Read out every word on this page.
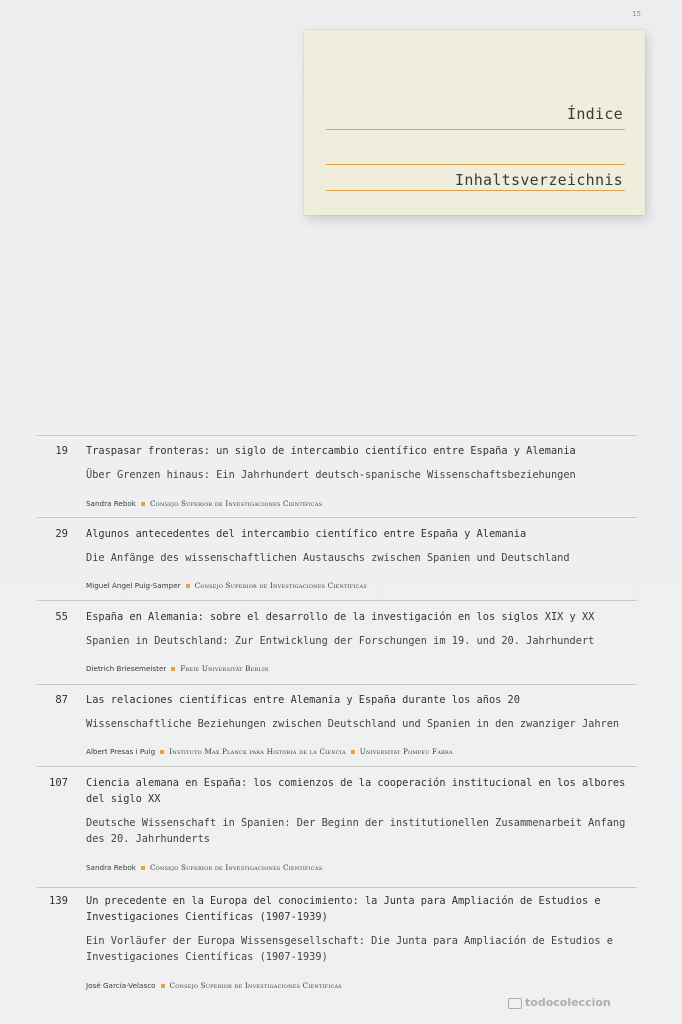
15
Índice
Inhaltsverzeichnis
19 Traspasar fronteras: un siglo de intercambio científico entre España y Alemania
Über Grenzen hinaus: Ein Jahrhundert deutsch-spanische Wissenschaftsbeziehungen
Sandra Rebok Consejo Superior de Investigaciones Científicas
29 Algunos antecedentes del intercambio científico entre España y Alemania
Die Anfänge des wissenschaftlichen Austauschs zwischen Spanien und Deutschland
Miguel Ángel Puig-Samper Consejo Superior de Investigaciones Científicas
55 España en Alemania: sobre el desarrollo de la investigación en los siglos XIX y XX
Spanien in Deutschland: Zur Entwicklung der Forschungen im 19. und 20. Jahrhundert
Dietrich Briesemeister Freie Universität Berlin
87 Las relaciones científicas entre Alemania y España durante los años 20
Wissenschaftliche Beziehungen zwischen Deutschland und Spanien in den zwanziger Jahren
Albert Presas i Puig Instituto Max Planck para Historia de la Ciencia Universitat Pompeu Fabra
107 Ciencia alemana en España: los comienzos de la cooperación institucional en los albores
del siglo XX
Deutsche Wissenschaft in Spanien: Der Beginn der institutionellen Zusammenarbeit Anfang
des 20. Jahrhunderts
Sandra Rebok Consejo Superior de Investigaciones Científicas
139 Un precedente en la Europa del conocimiento: la Junta para Ampliación de Estudios e
Investigaciones Científicas (1907-1939)
Ein Vorläufer der Europa Wissensgesellschaft: Die Junta para Ampliación de Estudios e
Investigaciones Científicas (1907-1939)
José García-Velasco Consejo Superior de Investigaciones Científicas
todocoleccion
